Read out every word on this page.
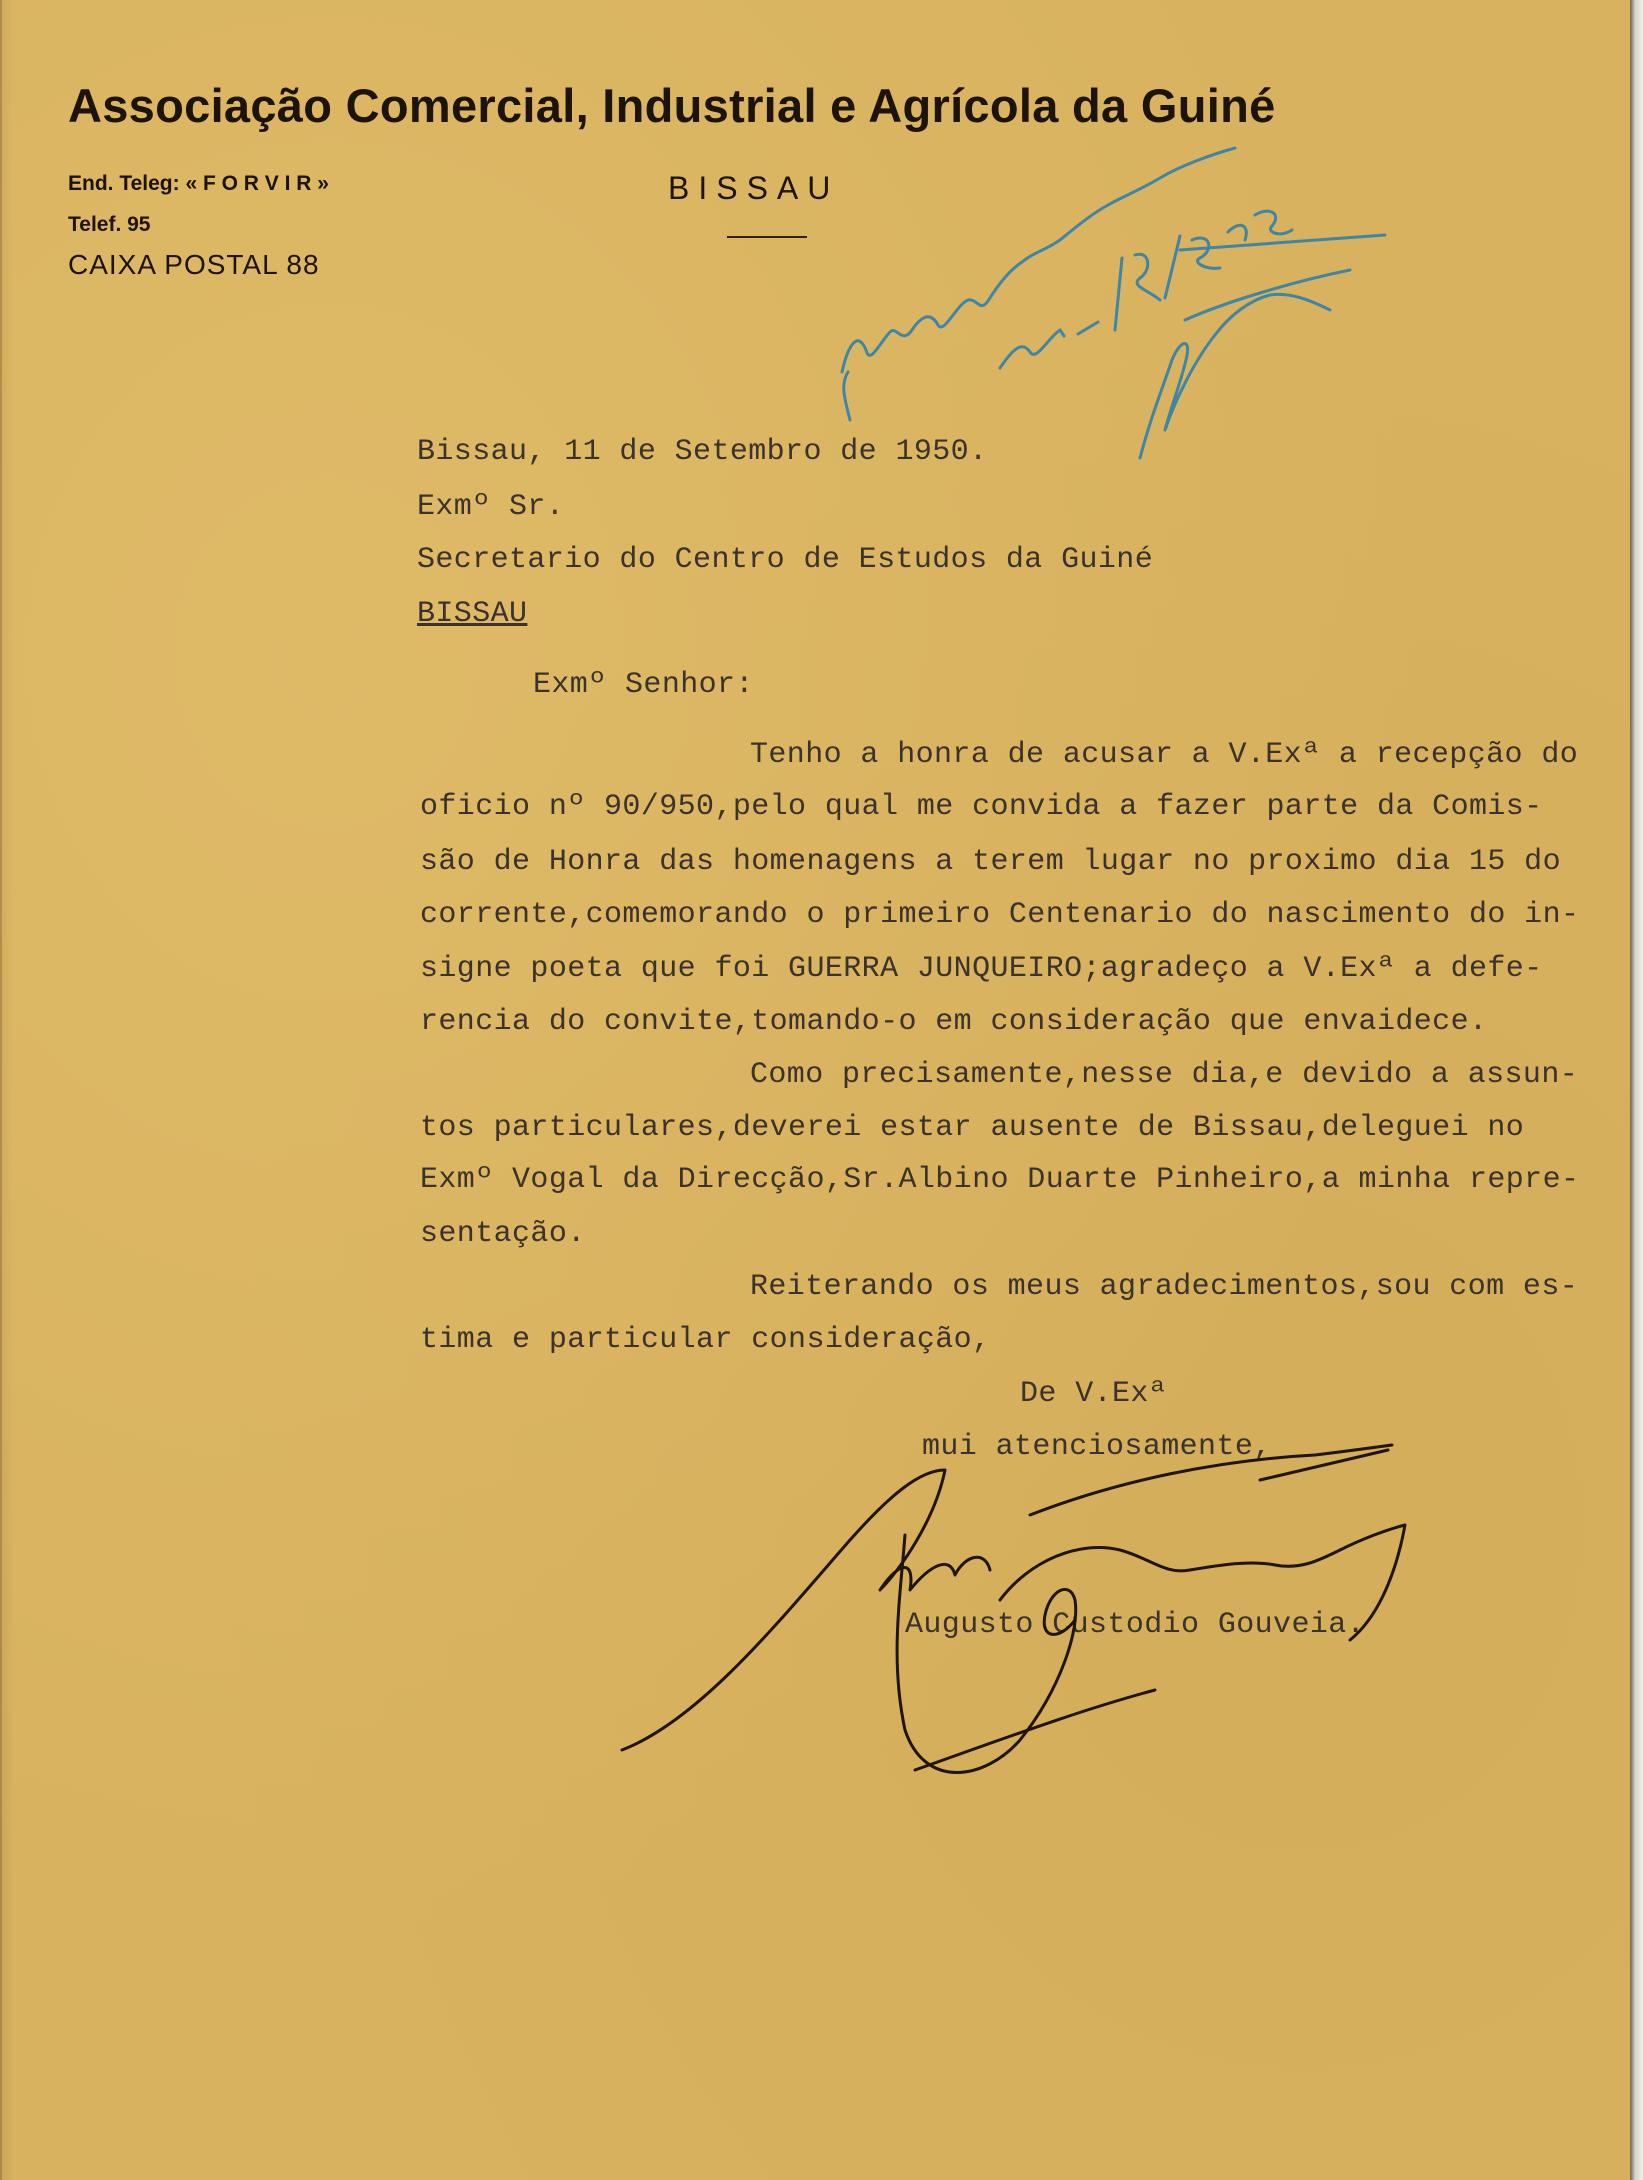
Associação Comercial, Industrial e Agrícola da Guiné
End. Teleg: « F O R V I R »
Telef. 95
CAIXA POSTAL 88
BISSAU
Bissau, 11 de Setembro de 1950.
Exmº Sr.
Secretario do Centro de Estudos da Guiné
BISSAU
Exmº Senhor:
Tenho a honra de acusar a V.Exª a recepção do
oficio nº 90/950,pelo qual me convida a fazer parte da Comis-
são de Honra das homenagens a terem lugar no proximo dia 15 do
corrente,comemorando o primeiro Centenario do nascimento do in-
signe poeta que foi GUERRA JUNQUEIRO;agradeço a V.Exª a defe-
rencia do convite,tomando-o em consideração que envaidece.
Como precisamente,nesse dia,e devido a assun-
tos particulares,deverei estar ausente de Bissau,deleguei no
Exmº Vogal da Direcção,Sr.Albino Duarte Pinheiro,a minha repre-
sentação.
Reiterando os meus agradecimentos,sou com es-
tima e particular consideração,
De V.Exª
mui atenciosamente,
Augusto Custodio Gouveia.
